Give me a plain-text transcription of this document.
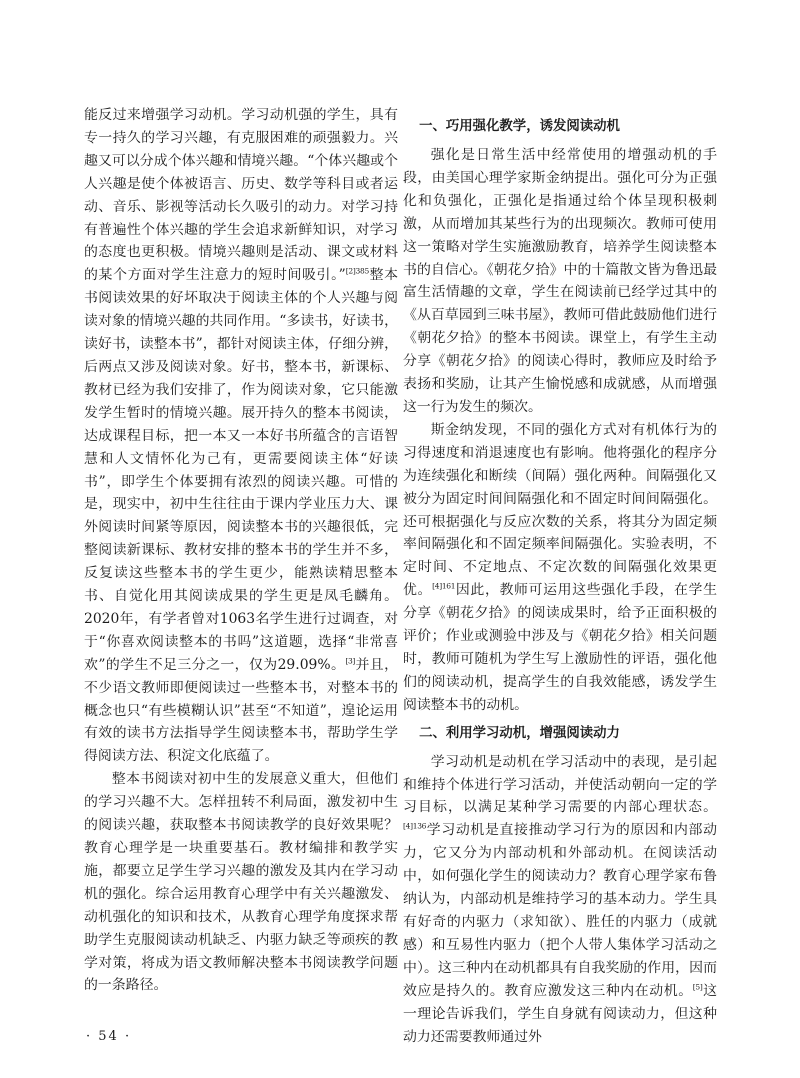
能反过来增强学习动机。学习动机强的学生，具有专一持久的学习兴趣，有克服困难的顽强毅力。兴趣又可以分成个体兴趣和情境兴趣。“个体兴趣或个人兴趣是使个体被语言、历史、数学等科目或者运动、音乐、影视等活动长久吸引的动力。对学习持有普遍性个体兴趣的学生会追求新鲜知识，对学习的态度也更积极。情境兴趣则是活动、课文或材料的某个方面对学生注意力的短时间吸引。”$^{[2]385}$整本书阅读效果的好坏取决于阅读主体的个人兴趣与阅读对象的情境兴趣的共同作用。“多读书，好读书，读好书，读整本书”，都针对阅读主体，仔细分辨，后两点又涉及阅读对象。好书，整本书，新课标、教材已经为我们安排了，作为阅读对象，它只能激发学生暂时的情境兴趣。展开持久的整本书阅读，达成课程目标，把一本又一本好书所蕴含的言语智慧和人文情怀化为己有，更需要阅读主体“好读书”，即学生个体要拥有浓烈的阅读兴趣。可惜的是，现实中，初中生往往由于课内学业压力大、课外阅读时间紧等原因，阅读整本书的兴趣很低，完整阅读新课标、教材安排的整本书的学生并不多，反复读这些整本书的学生更少，能熟读精思整本书、自觉化用其阅读成果的学生更是凤毛麟角。2020年，有学者曾对1063名学生进行过调查，对于“你喜欢阅读整本的书吗”这道题，选择“非常喜欢”的学生不足三分之一，仅为29.09%。[3]并且，不少语文教师即便阅读过一些整本书，对整本书的概念也只“有些模糊认识”甚至“不知道”，遑论运用有效的读书方法指导学生阅读整本书，帮助学生学得阅读方法、积淀文化底蕴了。

整本书阅读对初中生的发展意义重大，但他们的学习兴趣不大。怎样扭转不利局面，激发初中生的阅读兴趣，获取整本书阅读教学的良好效果呢？教育心理学是一块重要基石。教材编排和教学实施，都要立足学生学习兴趣的激发及其内在学习动机的强化。综合运用教育心理学中有关兴趣激发、动机强化的知识和技术，从教育心理学角度探求帮助学生克服阅读动机缺乏、内驱力缺乏等顽疾的教学对策，将成为语文教师解决整本书阅读教学问题的一条路径。

一、巧用强化教学，诱发阅读动机

强化是日常生活中经常使用的增强动机的手段，由美国心理学家斯金纳提出。强化可分为正强化和负强化，正强化是指通过给个体呈现积极刺激，从而增加其某些行为的出现频次。教师可使用这一策略对学生实施激励教育，培养学生阅读整本书的自信心。《朝花夕拾》中的十篇散文皆为鲁迅最富生活情趣的文章，学生在阅读前已经学过其中的《从百草园到三味书屋》，教师可借此鼓励他们进行《朝花夕拾》的整本书阅读。课堂上，有学生主动分享《朝花夕拾》的阅读心得时，教师应及时给予表扬和奖励，让其产生愉悦感和成就感，从而增强这一行为发生的频次。

斯金纳发现，不同的强化方式对有机体行为的习得速度和消退速度也有影响。他将强化的程序分为连续强化和断续（间隔）强化两种。间隔强化又被分为固定时间间隔强化和不固定时间间隔强化。还可根据强化与反应次数的关系，将其分为固定频率间隔强化和不固定频率间隔强化。实验表明，不定时间、不定地点、不定次数的间隔强化效果更优。$^{[4]161}$因此，教师可运用这些强化手段，在学生分享《朝花夕拾》的阅读成果时，给予正面积极的评价；作业或测验中涉及与《朝花夕拾》相关问题时，教师可随机为学生写上激励性的评语，强化他们的阅读动机，提高学生的自我效能感，诱发学生阅读整本书的动机。

二、利用学习动机，增强阅读动力

学习动机是动机在学习活动中的表现，是引起和维持个体进行学习活动，并使活动朝向一定的学习目标，以满足某种学习需要的内部心理状态。$^{[4]136}$学习动机是直接推动学习行为的原因和内部动力，它又分为内部动机和外部动机。在阅读活动中，如何强化学生的阅读动力？教育心理学家布鲁纳认为，内部动机是维持学习的基本动力。学生具有好奇的内驱力（求知欲）、胜任的内驱力（成就感）和互易性内驱力（把个人带人集体学习活动之中）。这三种内在动机都具有自我奖励的作用，因而效应是持久的。教育应激发这三种内在动机。[5]这一理论告诉我们，学生自身就有阅读动力，但这种动力还需要教师通过外

· 54 ·
